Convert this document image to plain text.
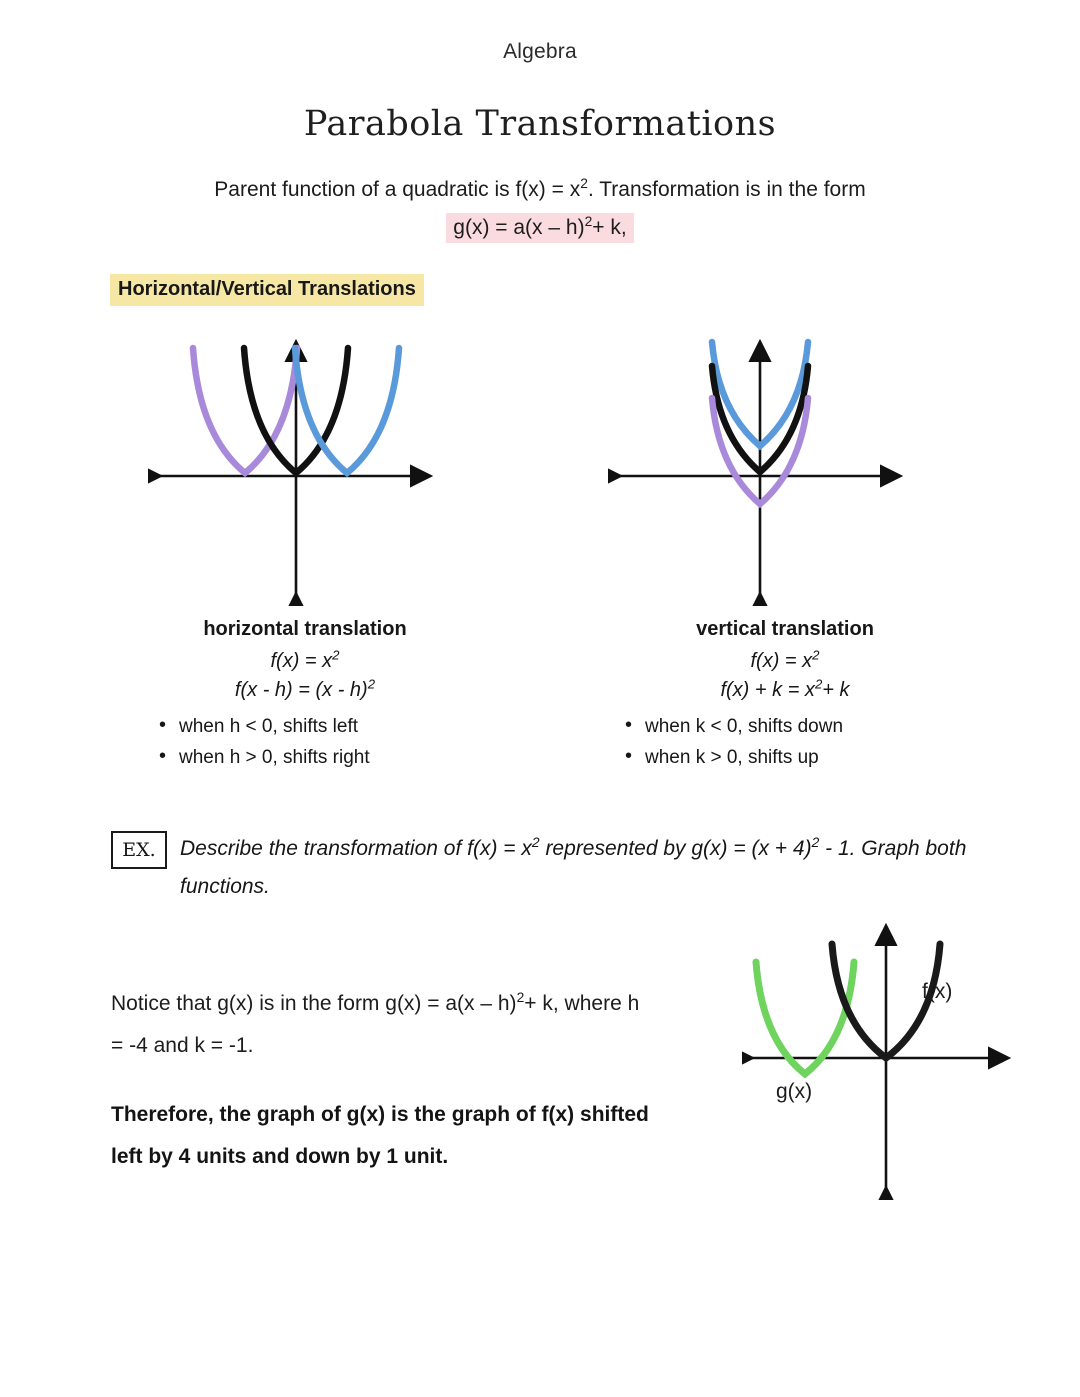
Algebra
Parabola Transformations
Parent function of a quadratic is $f(x) = x^2$. Transformation is in the form
g(x) = a(x – h)$^2$+ k,
Horizontal/Vertical Translations
horizontal translation
$f(x) = x^2$
f(x - h) = (x - h)$^2$
• when h < 0, shifts left
• when h > 0, shifts right
vertical translation
$f(x) = x^2$
$f(x) + k = x^2+ k$
• when k < 0, shifts down
• when k > 0, shifts up
EX.	Describe the transformation of $f(x) = x^2$ represented by $g(x) = (x + 4)^2 - 1$. Graph both functions.
Notice that g(x) is in the form g(x) = a(x – h)$^2$+ k, where h = -4 and k = -1.
Therefore, the graph of g(x) is the graph of f(x) shifted left by 4 units and down by 1 unit.
f(x)
g(x)
